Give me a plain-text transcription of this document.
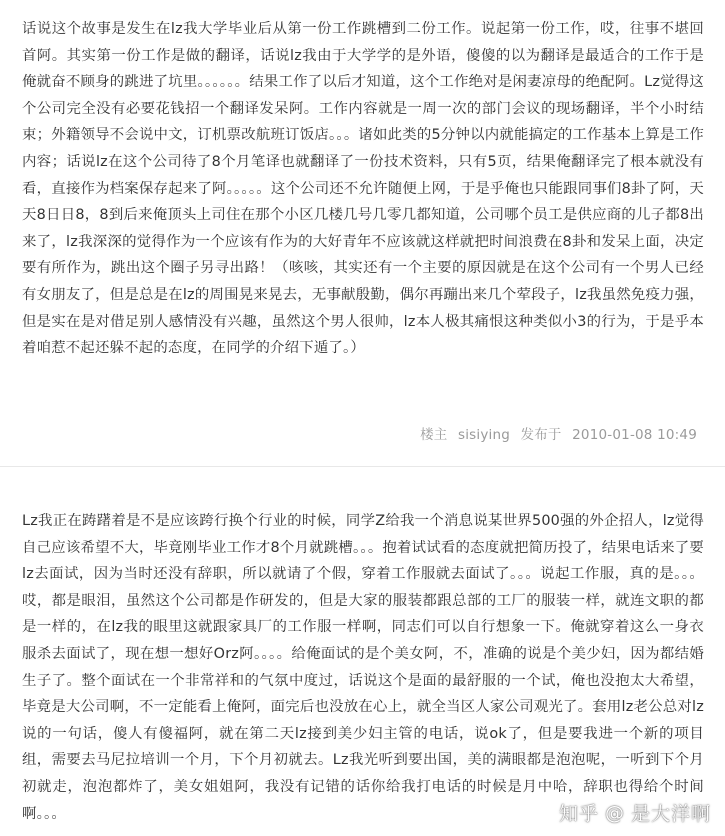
话说这个故事是发生在lz我大学毕业后从第一份工作跳槽到二份工作。说起第一份工作，哎，往事不堪回首阿。其实第一份工作是做的翻译，话说lz我由于大学学的是外语，傻傻的以为翻译是最适合的工作于是俺就奋不顾身的跳进了坑里。。。。。。结果工作了以后才知道，这个工作绝对是闲妻凉母的绝配阿。Lz觉得这个公司完全没有必要花钱招一个翻译发呆阿。工作内容就是一周一次的部门会议的现场翻译，半个小时结束；外籍领导不会说中文，订机票改航班订饭店。。。诸如此类的5分钟以内就能搞定的工作基本上算是工作内容；话说lz在这个公司待了8个月笔译也就翻译了一份技术资料，只有5页，结果俺翻译完了根本就没有看，直接作为档案保存起来了阿。。。。。这个公司还不允许随便上网，于是乎俺也只能跟同事们8卦了阿，天天8日日8，8到后来俺顶头上司住在那个小区几楼几号几零几都知道，公司哪个员工是供应商的儿子都8出来了，lz我深深的觉得作为一个应该有作为的大好青年不应该就这样就把时间浪费在8卦和发呆上面，决定要有所作为，跳出这个圈子另寻出路！（咳咳，其实还有一个主要的原因就是在这个公司有一个男人已经有女朋友了，但是总是在lz的周围晃来晃去，无事献殷勤，偶尔再蹦出来几个荤段子，lz我虽然免疫力强，但是实在是对借足别人感情没有兴趣，虽然这个男人很帅，lz本人极其痛恨这种类似小3的行为，于是乎本着咱惹不起还躲不起的态度，在同学的介绍下遁了。）
楼主 sisiying 发布于 2010-01-08 10:49
Lz我正在踌躇着是不是应该跨行换个行业的时候，同学Z给我一个消息说某世界500强的外企招人，lz觉得自己应该希望不大，毕竟刚毕业工作才8个月就跳槽。。。抱着试试看的态度就把简历投了，结果电话来了要lz去面试，因为当时还没有辞职，所以就请了个假，穿着工作服就去面试了。。。说起工作服，真的是。。。哎，都是眼泪，虽然这个公司都是作研发的，但是大家的服装都跟总部的工厂的服装一样，就连文职的都是一样的，在lz我的眼里这就跟家具厂的工作服一样啊，同志们可以自行想象一下。俺就穿着这么一身衣服杀去面试了，现在想一想好Orz阿。。。。给俺面试的是个美女阿，不，准确的说是个美少妇，因为都结婚生子了。整个面试在一个非常祥和的气氛中度过，话说这个是面的最舒服的一个试，俺也没抱太大希望，毕竟是大公司啊，不一定能看上俺阿，面完后也没放在心上，就全当区人家公司观光了。套用lz老公总对lz说的一句话，傻人有傻福阿，就在第二天lz接到美少妇主管的电话，说ok了，但是要我进一个新的项目组，需要去马尼拉培训一个月，下个月初就去。Lz我光听到要出国，美的满眼都是泡泡呢，一听到下个月初就走，泡泡都炸了，美女姐姐阿，我没有记错的话你给我打电话的时候是月中哈，辞职也得给个时间啊。。。	知乎 @ 是大洋啊
